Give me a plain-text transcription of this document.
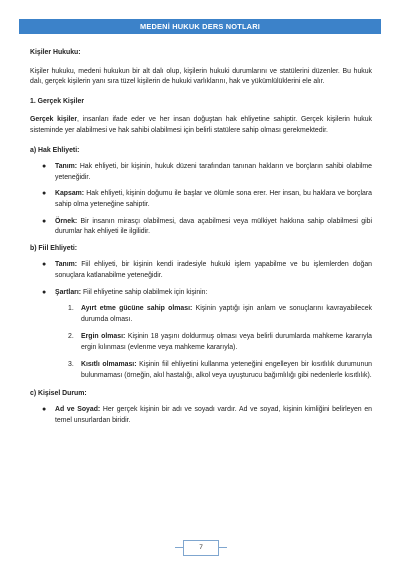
MEDENİ HUKUK DERS NOTLARI

Kişiler Hukuku:

Kişiler hukuku, medeni hukukun bir alt dalı olup, kişilerin hukuki durumlarını ve statülerini düzenler. Bu hukuk dalı, gerçek kişilerin yanı sıra tüzel kişilerin de hukuki varlıklarını, hak ve yükümlülüklerini ele alır.

1. Gerçek Kişiler

Gerçek kişiler, insanları ifade eder ve her insan doğuştan hak ehliyetine sahiptir. Gerçek kişilerin hukuk sisteminde yer alabilmesi ve hak sahibi olabilmesi için belirli statülere sahip olması gerekmektedir.

a) Hak Ehliyeti:

● Tanım: Hak ehliyeti, bir kişinin, hukuk düzeni tarafından tanınan hakların ve borçların sahibi olabilme yeteneğidir.
● Kapsam: Hak ehliyeti, kişinin doğumu ile başlar ve ölümle sona erer. Her insan, bu haklara ve borçlara sahip olma yeteneğine sahiptir.
● Örnek: Bir insanın mirasçı olabilmesi, dava açabilmesi veya mülkiyet hakkına sahip olabilmesi gibi durumlar hak ehliyeti ile ilgilidir.

b) Fiil Ehliyeti:

● Tanım: Fiil ehliyeti, bir kişinin kendi iradesiyle hukuki işlem yapabilme ve bu işlemlerden doğan sonuçlara katlanabilme yeteneğidir.
● Şartları: Fiil ehliyetine sahip olabilmek için kişinin:
1. Ayırt etme gücüne sahip olması: Kişinin yaptığı işin anlam ve sonuçlarını kavrayabilecek durumda olması.
2. Ergin olması: Kişinin 18 yaşını doldurmuş olması veya belirli durumlarda mahkeme kararıyla ergin kılınması (evlenme veya mahkeme kararıyla).
3. Kısıtlı olmaması: Kişinin fiil ehliyetini kullanma yeteneğini engelleyen bir kısıtlılık durumunun bulunmaması (örneğin, akıl hastalığı, alkol veya uyuşturucu bağımlılığı gibi nedenlerle kısıtlılık).

c) Kişisel Durum:

● Ad ve Soyad: Her gerçek kişinin bir adı ve soyadı vardır. Ad ve soyad, kişinin kimliğini belirleyen en temel unsurlardan biridir.
7
